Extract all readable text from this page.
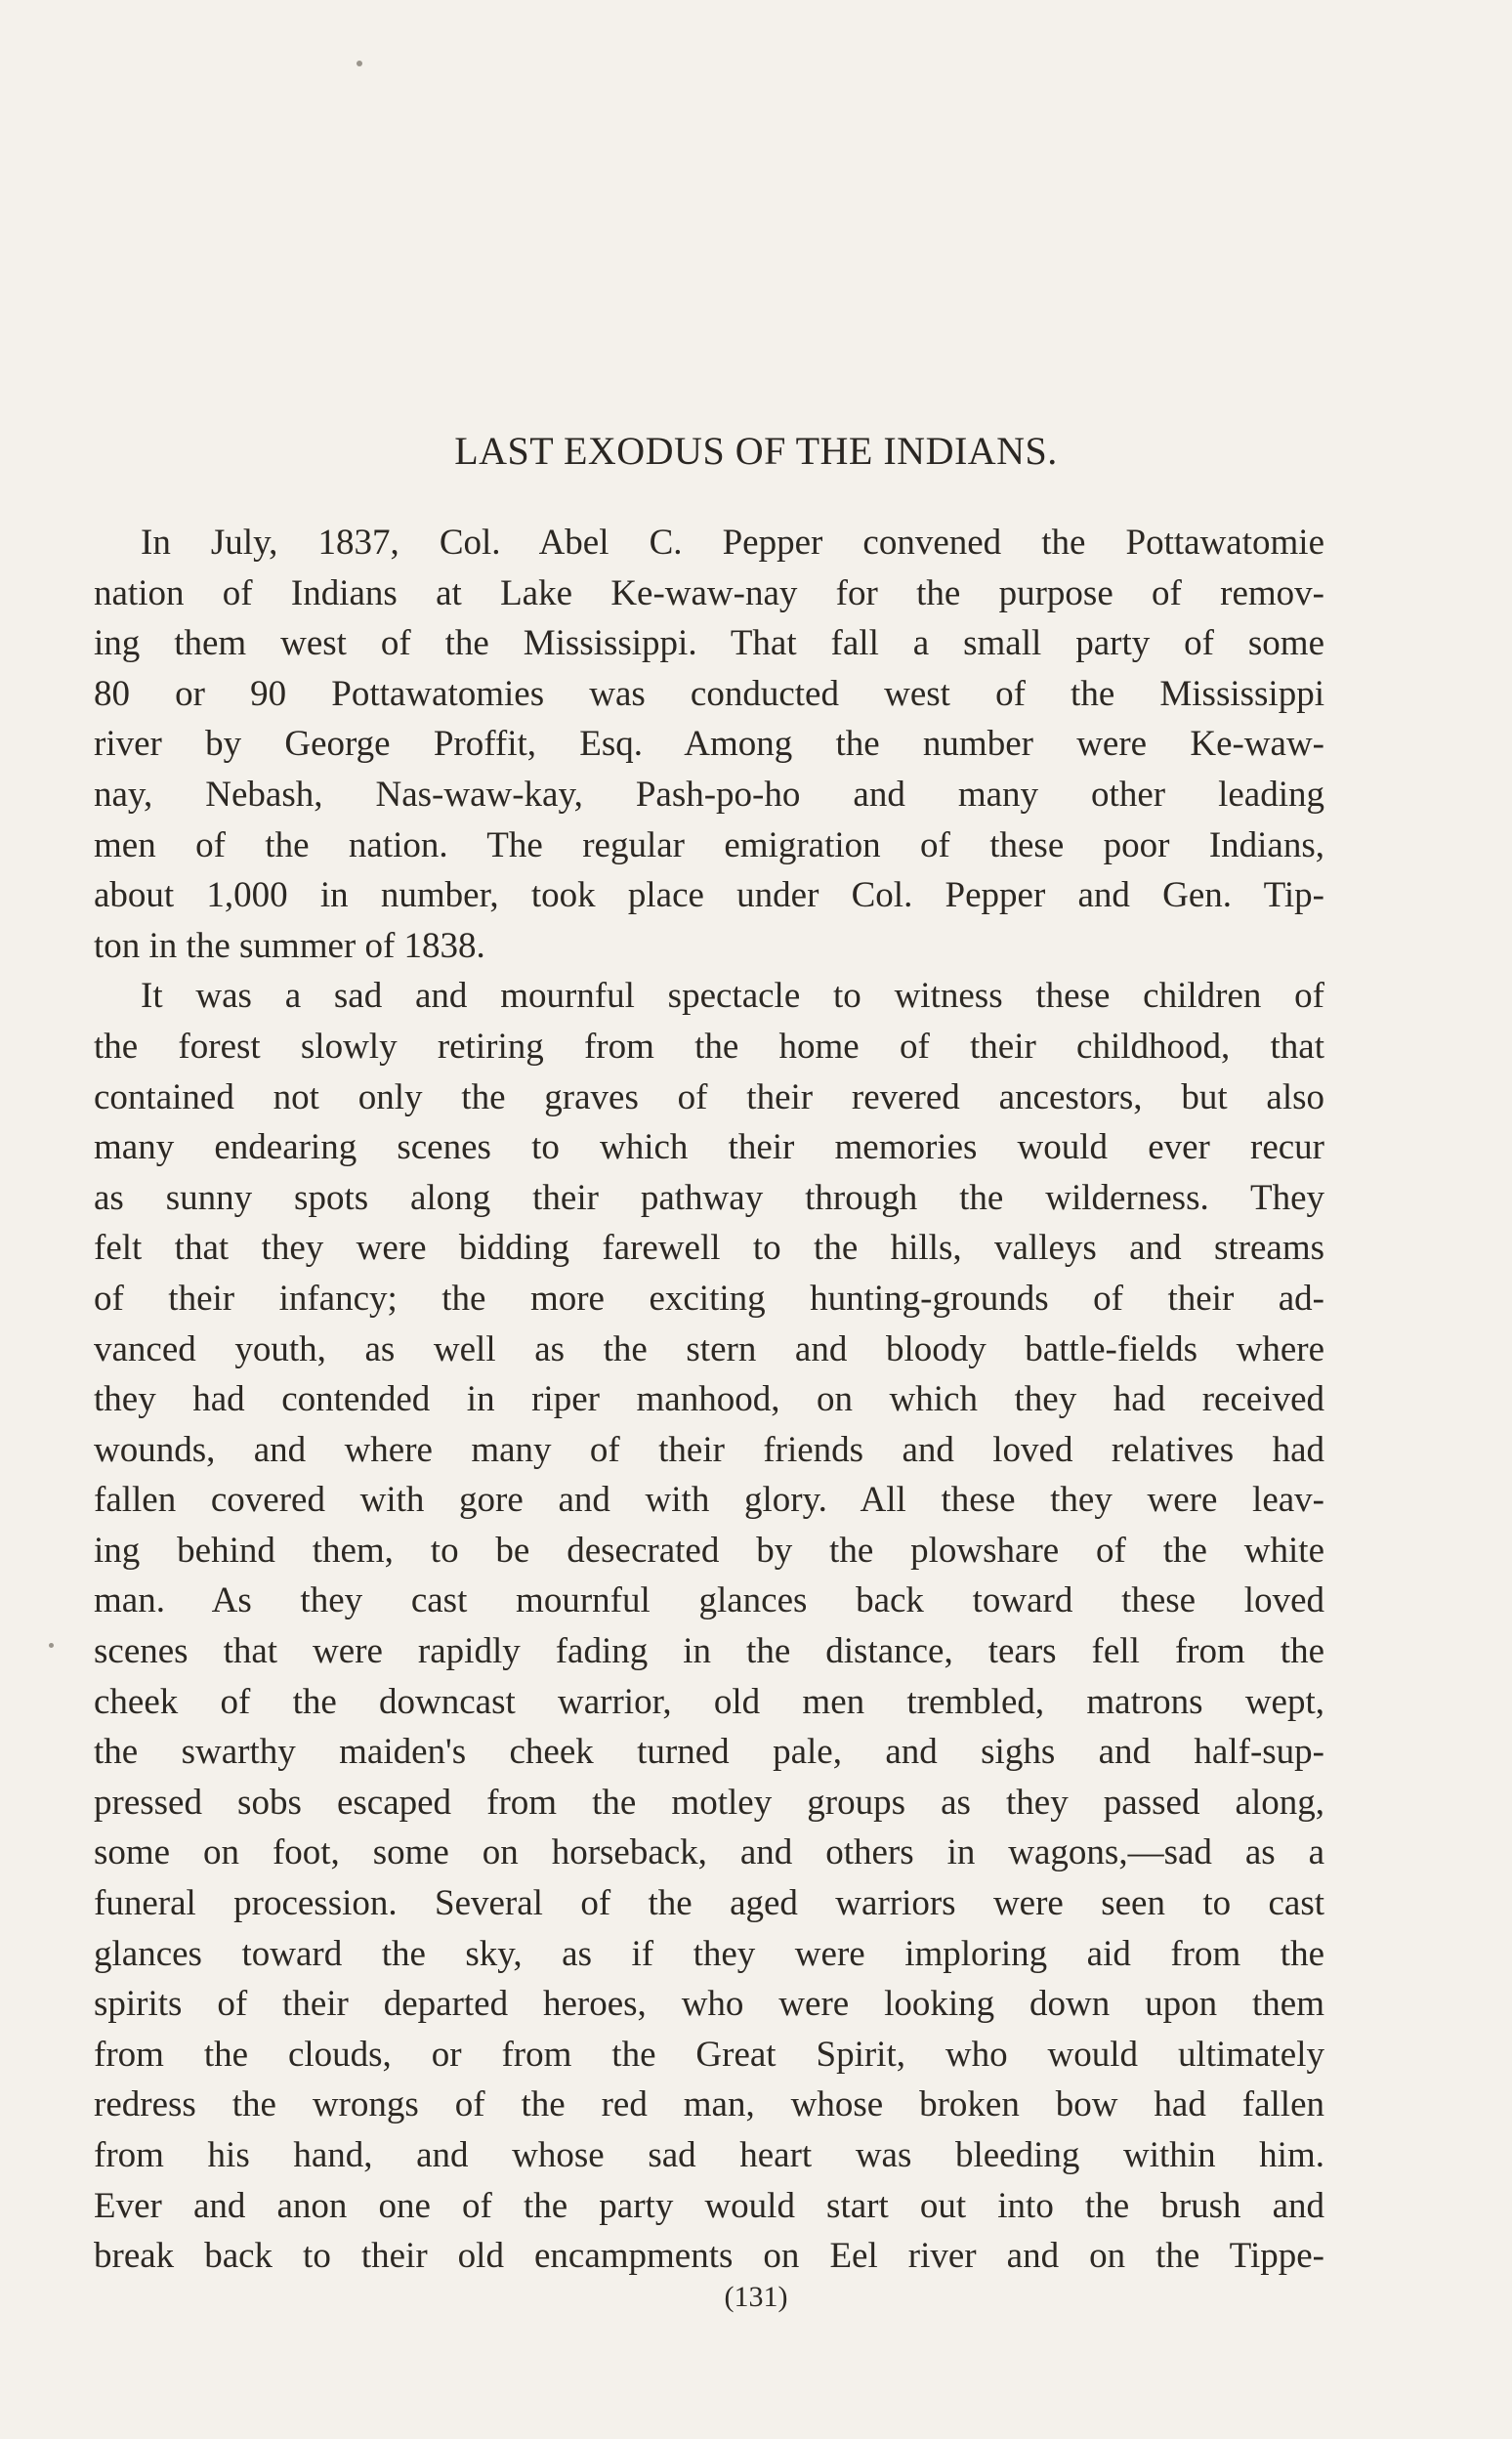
LAST EXODUS OF THE INDIANS.
In July, 1837, Col. Abel C. Pepper convened the Pottawatomie
nation of Indians at Lake Ke-waw-nay for the purpose of remov-
ing them west of the Mississippi. That fall a small party of some
80 or 90 Pottawatomies was conducted west of the Mississippi
river by George Proffit, Esq. Among the number were Ke-waw-
nay, Nebash, Nas-waw-kay, Pash-po-ho and many other leading
men of the nation. The regular emigration of these poor Indians,
about 1,000 in number, took place under Col. Pepper and Gen. Tip-
ton in the summer of 1838.
It was a sad and mournful spectacle to witness these children of
the forest slowly retiring from the home of their childhood, that
contained not only the graves of their revered ancestors, but also
many endearing scenes to which their memories would ever recur
as sunny spots along their pathway through the wilderness. They
felt that they were bidding farewell to the hills, valleys and streams
of their infancy; the more exciting hunting-grounds of their ad-
vanced youth, as well as the stern and bloody battle-fields where
they had contended in riper manhood, on which they had received
wounds, and where many of their friends and loved relatives had
fallen covered with gore and with glory. All these they were leav-
ing behind them, to be desecrated by the plowshare of the white
man. As they cast mournful glances back toward these loved
scenes that were rapidly fading in the distance, tears fell from the
cheek of the downcast warrior, old men trembled, matrons wept,
the swarthy maiden's cheek turned pale, and sighs and half-sup-
pressed sobs escaped from the motley groups as they passed along,
some on foot, some on horseback, and others in wagons,—sad as a
funeral procession. Several of the aged warriors were seen to cast
glances toward the sky, as if they were imploring aid from the
spirits of their departed heroes, who were looking down upon them
from the clouds, or from the Great Spirit, who would ultimately
redress the wrongs of the red man, whose broken bow had fallen
from his hand, and whose sad heart was bleeding within him.
Ever and anon one of the party would start out into the brush and
break back to their old encampments on Eel river and on the Tippe-
(131)
